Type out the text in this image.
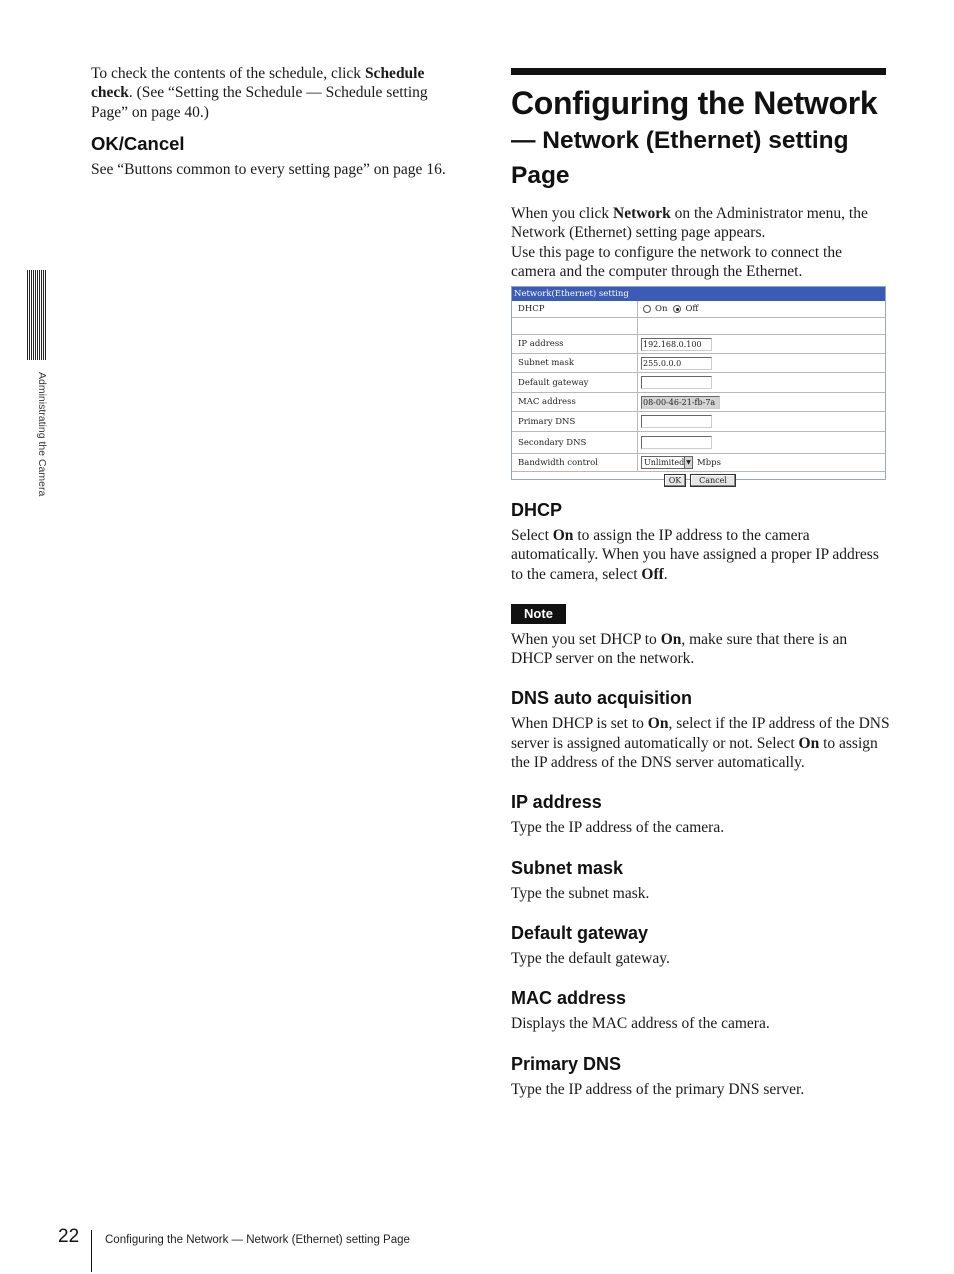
To check the contents of the schedule, click Schedule check. (See “Setting the Schedule — Schedule setting Page” on page 40.)
OK/Cancel
See “Buttons common to every setting page” on page 16.
Administrating the Camera
Configuring the Network
— Network (Ethernet) setting Page
When you click Network on the Administrator menu, the Network (Ethernet) setting page appears.
Use this page to configure the network to connect the camera and the computer through the Ethernet.
Network(Ethernet) setting
DHCP	On Off
IP address	192.168.0.100
Subnet mask	255.0.0.0
Default gateway
MAC address	08-00-46-21-fb-7a
Primary DNS
Secondary DNS
Bandwidth control	Unlimited ▼ Mbps
OK	Cancel
DHCP
Select On to assign the IP address to the camera automatically. When you have assigned a proper IP address to the camera, select Off.
Note
When you set DHCP to On, make sure that there is an DHCP server on the network.
DNS auto acquisition
When DHCP is set to On, select if the IP address of the DNS server is assigned automatically or not. Select On to assign the IP address of the DNS server automatically.
IP address
Type the IP address of the camera.
Subnet mask
Type the subnet mask.
Default gateway
Type the default gateway.
MAC address
Displays the MAC address of the camera.
Primary DNS
Type the IP address of the primary DNS server.
22 Configuring the Network — Network (Ethernet) setting Page
